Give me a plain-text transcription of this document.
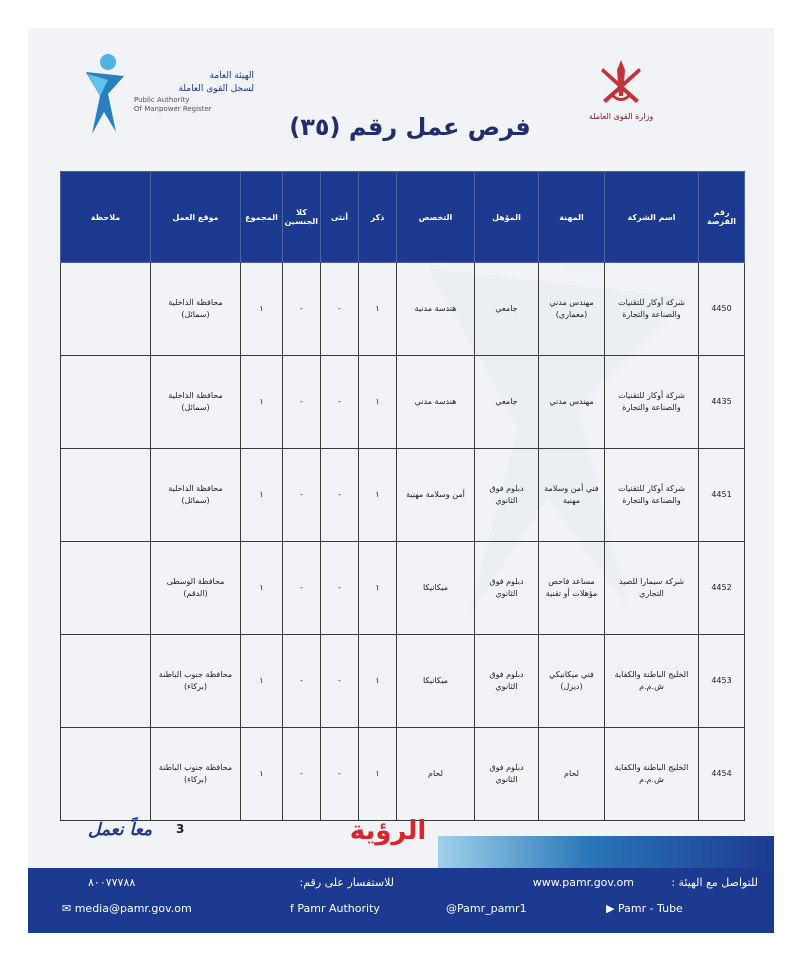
الهيئة العامة
لسجل القوى العاملة
Public Authority
Of Manpower Register
وزارة القوى العاملة
فرص عمل رقم (٣٥)
رقم الفرصة	اسم الشركة	المهنة	المؤهل	التخصص	ذكر	أنثى	كلا الجنسين	المجموع	موقع العمل	ملاحظة
4450	شركة أوكار للتقنيات والصناعة والتجارة	مهندس مدني (معماري)	جامعي	هندسة مدنية	١	-	-	١	محافظة الداخلية (سمائل)	
4435	شركة أوكار للتقنيات والصناعة والتجارة	مهندس مدني	جامعي	هندسة مدني	١	-	-	١	محافظة الداخلية (سمائل)	
4451	شركة أوكار للتقنيات والصناعة والتجارة	فني أمن وسلامة مهنية	دبلوم فوق الثانوي	أمن وسلامة مهنية	١	-	-	١	محافظة الداخلية (سمائل)	
4452	شركة سيمارا للصيد التجاري	مساعد فاحص مؤهلات أو تقنية	دبلوم فوق الثانوي	ميكانيكا	١	-	-	١	محافظة الوسطى (الدقم)	
4453	الخليج الباطنة والكفاية ش.م.م	فني ميكانيكي (ديزل)	دبلوم فوق الثانوي	ميكانيكا	١	-	-	١	محافظة جنوب الباطنة (بركاء)	
4454	الخليج الباطنة والكفاية ش.م.م	لحام	دبلوم فوق الثانوي	لحام	١	-	-	١	محافظة جنوب الباطنة (بركاء)	
معاً نعمل	3	الرؤية
للتواصل مع الهيئة :
www.pamr.gov.om
للاستفسار على رقم:
٨٠٠٧٧٧٨٨
✉ media@pamr.gov.om	f Pamr Authority	@Pamr_pamr1	▶ Pamr - Tube
